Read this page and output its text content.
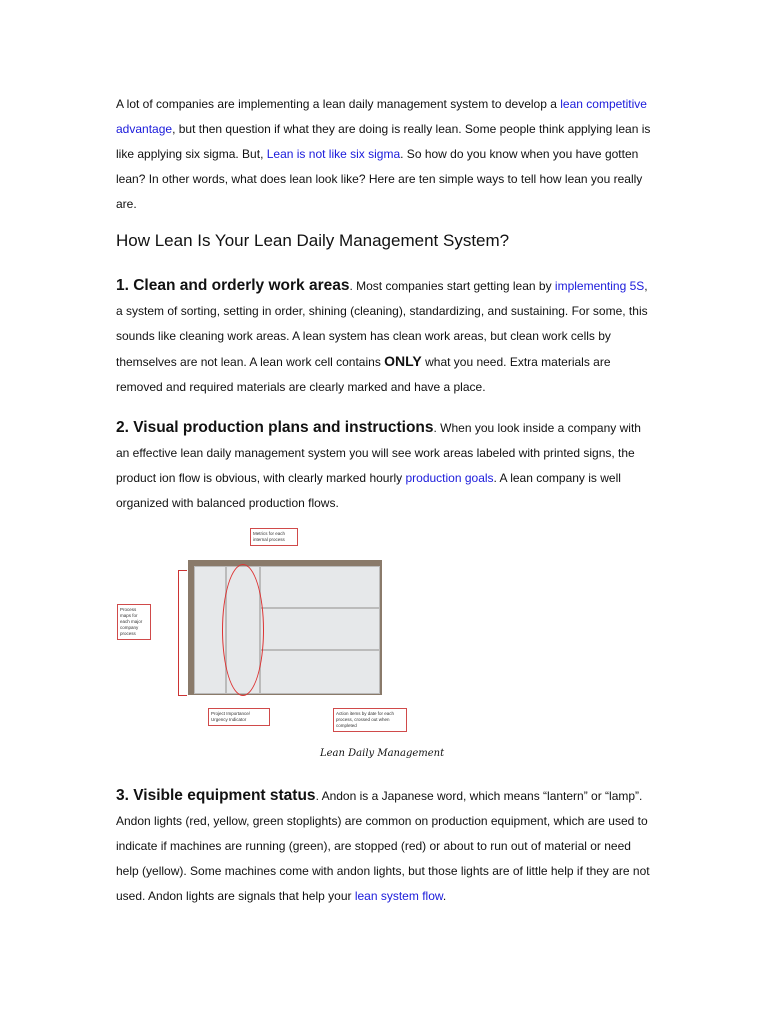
A lot of companies are implementing a lean daily management system to develop a lean competitive advantage, but then question if what they are doing is really lean. Some people think applying lean is like applying six sigma. But, Lean is not like six sigma. So how do you know when you have gotten lean? In other words, what does lean look like? Here are ten simple ways to tell how lean you really are.

How Lean Is Your Lean Daily Management System?

1. Clean and orderly work areas. Most companies start getting lean by implementing 5S, a system of sorting, setting in order, shining (cleaning), standardizing, and sustaining. For some, this sounds like cleaning work areas. A lean system has clean work areas, but clean work cells by themselves are not lean. A lean work cell contains ONLY what you need. Extra materials are removed and required materials are clearly marked and have a place.

2. Visual production plans and instructions. When you look inside a company with an effective lean daily management system you will see work areas labeled with printed signs, the product ion flow is obvious, with clearly marked hourly production goals. A lean company is well organized with balanced production flows.

Metrics for each internal process
Process maps for each major company process
Project Importance/ Urgency Indicator
Action items by date for each process, crossed out when completed
Lean Daily Management

3. Visible equipment status. Andon is a Japanese word, which means “lantern” or “lamp”. Andon lights (red, yellow, green stoplights) are common on production equipment, which are used to indicate if machines are running (green), are stopped (red) or about to run out of material or need help (yellow). Some machines come with andon lights, but those lights are of little help if they are not used. Andon lights are signals that help your lean system flow.
